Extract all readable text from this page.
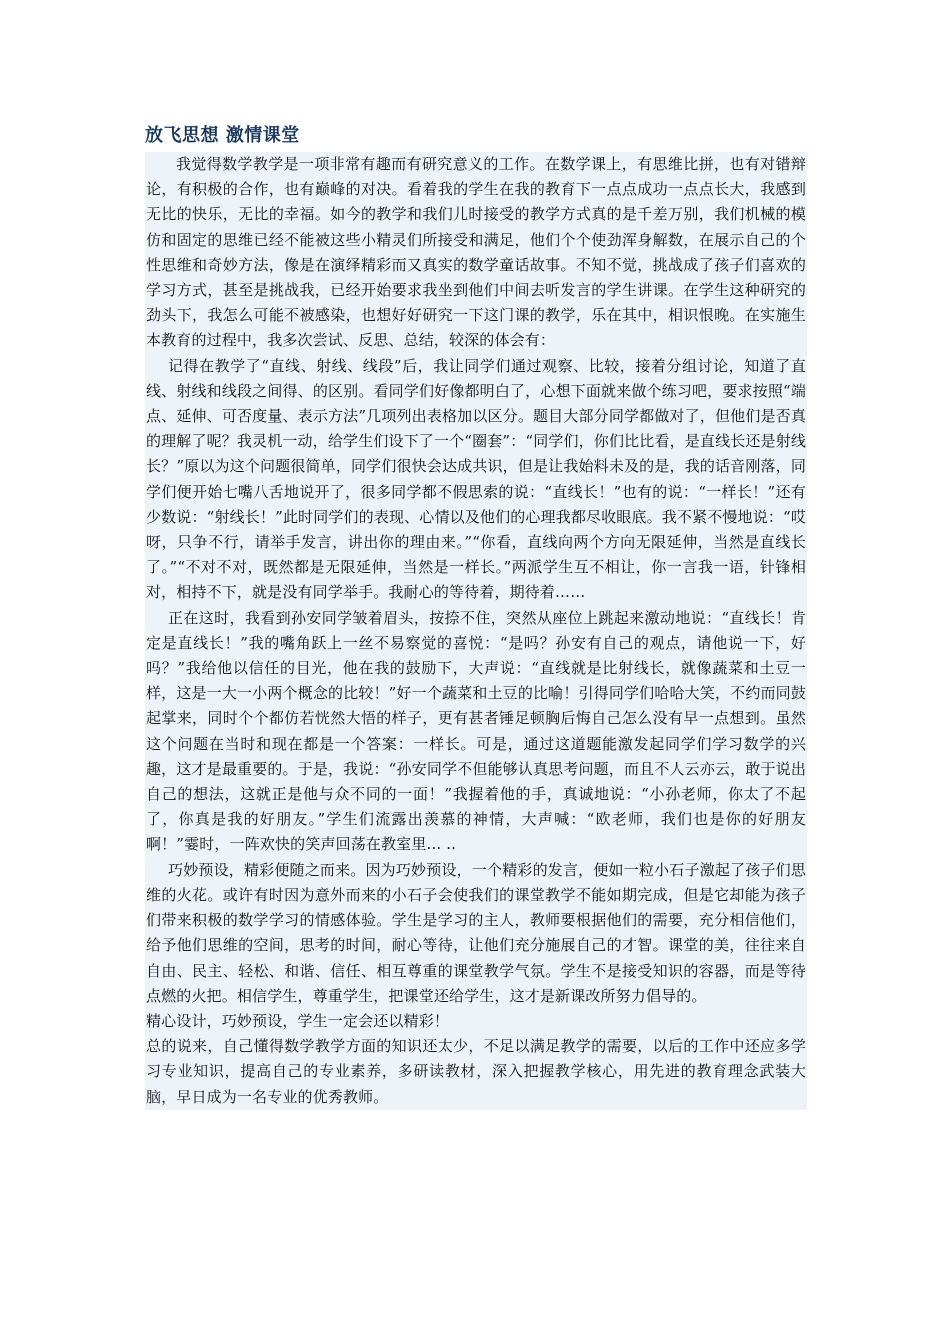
放飞思想 激情课堂

我觉得数学教学是一项非常有趣而有研究意义的工作。在数学课上，有思维比拼，也有对错辩论，有积极的合作，也有巅峰的对决。看着我的学生在我的教育下一点点成功一点点长大，我感到无比的快乐，无比的幸福。如今的教学和我们儿时接受的教学方式真的是千差万别，我们机械的模仿和固定的思维已经不能被这些小精灵们所接受和满足，他们个个使劲浑身解数，在展示自己的个性思维和奇妙方法，像是在演绎精彩而又真实的数学童话故事。不知不觉，挑战成了孩子们喜欢的学习方式，甚至是挑战我，已经开始要求我坐到他们中间去听发言的学生讲课。在学生这种研究的劲头下，我怎么可能不被感染，也想好好研究一下这门课的教学，乐在其中，相识恨晚。在实施生本教育的过程中，我多次尝试、反思、总结，较深的体会有：

记得在教学了“直线、射线、线段”后，我让同学们通过观察、比较，接着分组讨论，知道了直线、射线和线段之间得、的区别。看同学们好像都明白了，心想下面就来做个练习吧，要求按照“端点、延伸、可否度量、表示方法”几项列出表格加以区分。题目大部分同学都做对了，但他们是否真的理解了呢？我灵机一动，给学生们设下了一个“圈套”：“同学们，你们比比看，是直线长还是射线长？”原以为这个问题很简单，同学们很快会达成共识，但是让我始料未及的是，我的话音刚落，同学们便开始七嘴八舌地说开了，很多同学都不假思索的说：“直线长！”也有的说：“一样长！”还有少数说：“射线长！”此时同学们的表现、心情以及他们的心理我都尽收眼底。我不紧不慢地说：“哎呀，只争不行，请举手发言，讲出你的理由来。”“你看，直线向两个方向无限延伸，当然是直线长了。”“不对不对，既然都是无限延伸，当然是一样长。”两派学生互不相让，你一言我一语，针锋相对，相持不下，就是没有同学举手。我耐心的等待着，期待着……

正在这时，我看到孙安同学皱着眉头，按捺不住，突然从座位上跳起来激动地说：“直线长！肯定是直线长！”我的嘴角跃上一丝不易察觉的喜悦：“是吗？孙安有自己的观点，请他说一下，好吗？”我给他以信任的目光，他在我的鼓励下，大声说：“直线就是比射线长，就像蔬菜和土豆一样，这是一大一小两个概念的比较！”好一个蔬菜和土豆的比喻！引得同学们哈哈大笑，不约而同鼓起掌来，同时个个都仿若恍然大悟的样子，更有甚者锤足顿胸后悔自己怎么没有早一点想到。虽然这个问题在当时和现在都是一个答案：一样长。可是，通过这道题能激发起同学们学习数学的兴趣，这才是最重要的。于是，我说：“孙安同学不但能够认真思考问题，而且不人云亦云，敢于说出自己的想法，这就正是他与众不同的一面！”我握着他的手，真诚地说：“小孙老师，你太了不起了，你真是我的好朋友。”学生们流露出羡慕的神情，大声喊：“欧老师，我们也是你的好朋友啊！”霎时，一阵欢快的笑声回荡在教室里... ..

巧妙预设，精彩便随之而来。因为巧妙预设，一个精彩的发言，便如一粒小石子激起了孩子们思维的火花。或许有时因为意外而来的小石子会使我们的课堂教学不能如期完成，但是它却能为孩子们带来积极的数学学习的情感体验。学生是学习的主人，教师要根据他们的需要，充分相信他们，给予他们思维的空间，思考的时间，耐心等待，让他们充分施展自己的才智。课堂的美，往往来自自由、民主、轻松、和谐、信任、相互尊重的课堂教学气氛。学生不是接受知识的容器，而是等待点燃的火把。相信学生，尊重学生，把课堂还给学生，这才是新课改所努力倡导的。

精心设计，巧妙预设，学生一定会还以精彩！

总的说来，自己懂得数学教学方面的知识还太少，不足以满足教学的需要，以后的工作中还应多学习专业知识，提高自己的专业素养，多研读教材，深入把握教学核心，用先进的教育理念武装大脑，早日成为一名专业的优秀教师。
